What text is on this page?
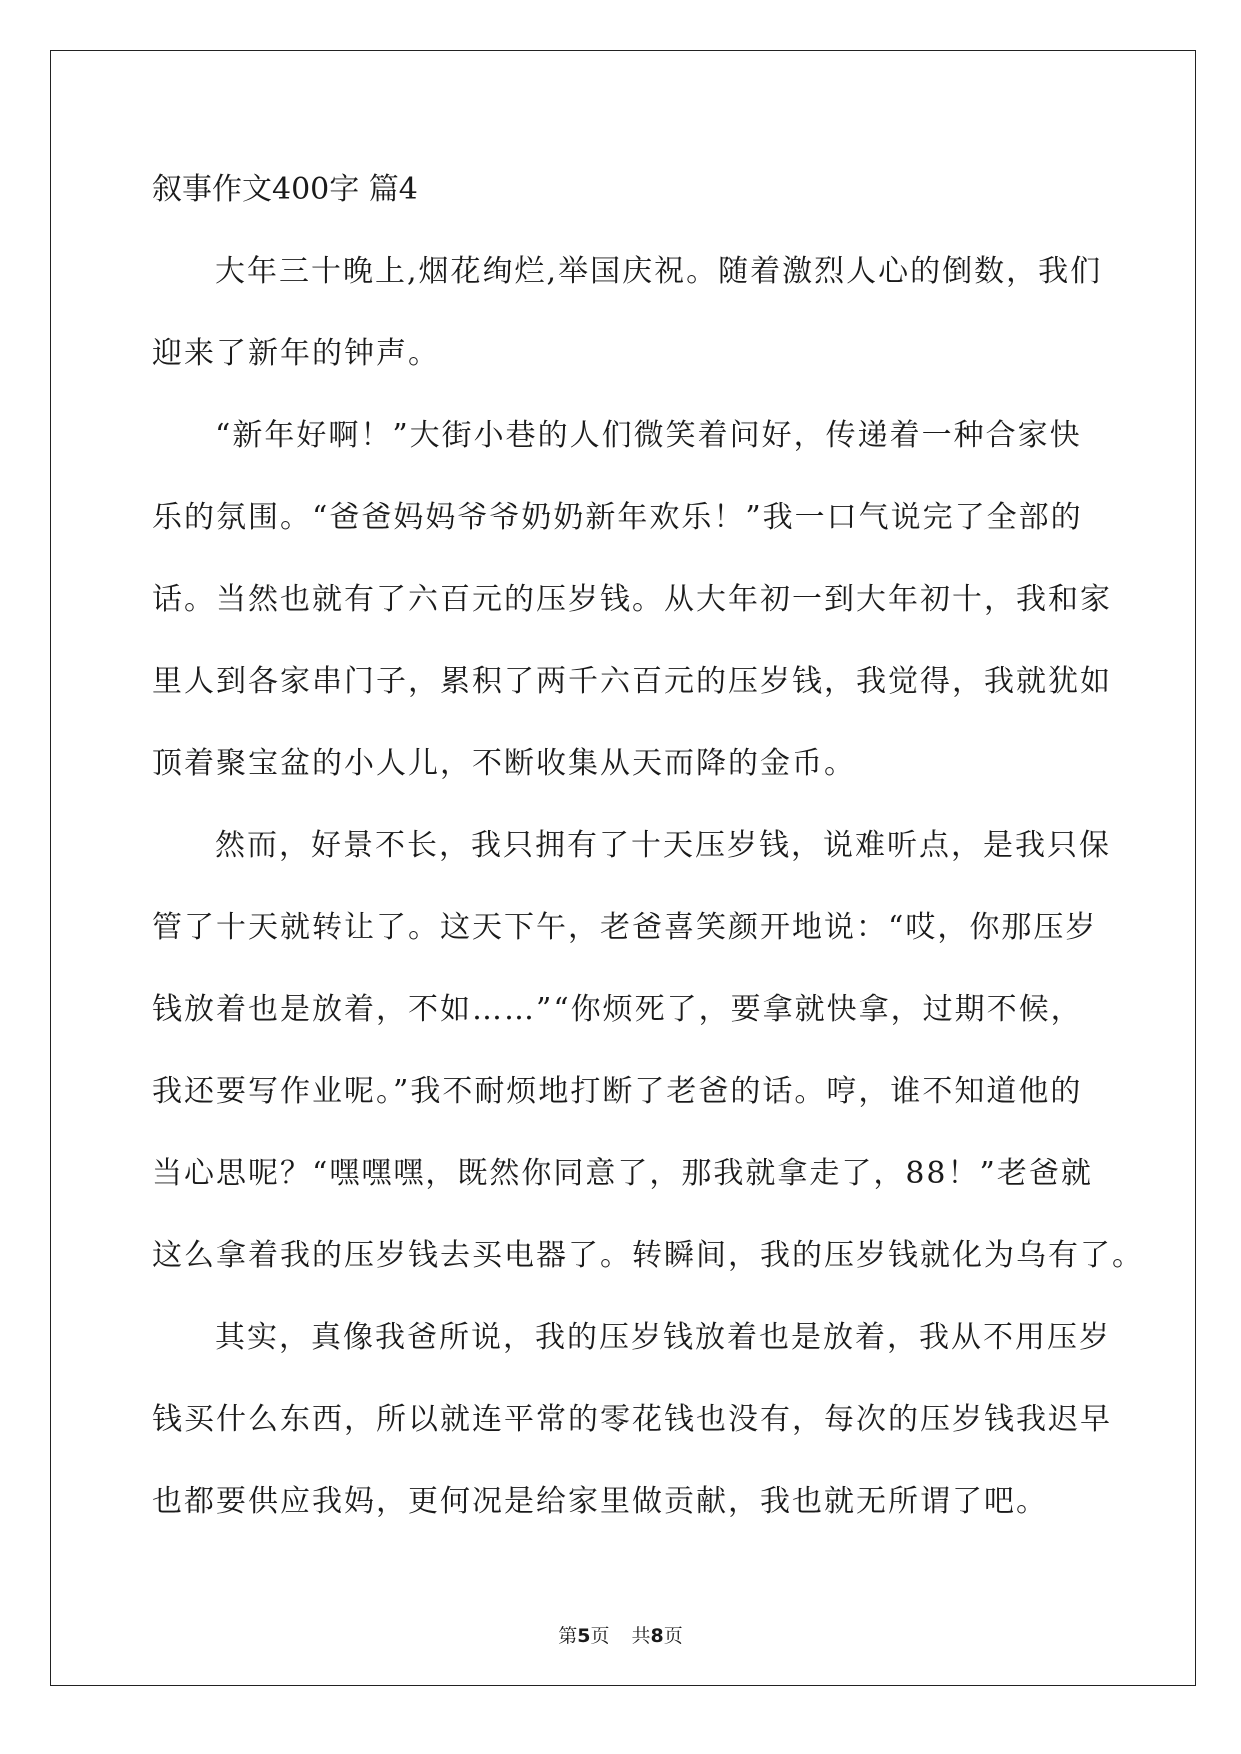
叙事作文400字 篇4

大年三十晚上,烟花绚烂,举国庆祝。随着激烈人心的倒数，我们

迎来了新年的钟声。

“新年好啊！”大街小巷的人们微笑着问好，传递着一种合家快

乐的氛围。“爸爸妈妈爷爷奶奶新年欢乐！”我一口气说完了全部的

话。当然也就有了六百元的压岁钱。从大年初一到大年初十，我和家

里人到各家串门子，累积了两千六百元的压岁钱，我觉得，我就犹如

顶着聚宝盆的小人儿，不断收集从天而降的金币。

然而，好景不长，我只拥有了十天压岁钱，说难听点，是我只保

管了十天就转让了。这天下午，老爸喜笑颜开地说：“哎，你那压岁

钱放着也是放着，不如……”“你烦死了，要拿就快拿，过期不候，

我还要写作业呢。”我不耐烦地打断了老爸的话。哼，谁不知道他的

当心思呢？“嘿嘿嘿，既然你同意了，那我就拿走了，88！”老爸就

这么拿着我的压岁钱去买电器了。转瞬间，我的压岁钱就化为乌有了。

其实，真像我爸所说，我的压岁钱放着也是放着，我从不用压岁

钱买什么东西，所以就连平常的零花钱也没有，每次的压岁钱我迟早

也都要供应我妈，更何况是给家里做贡献，我也就无所谓了吧。

第5页 共8页
